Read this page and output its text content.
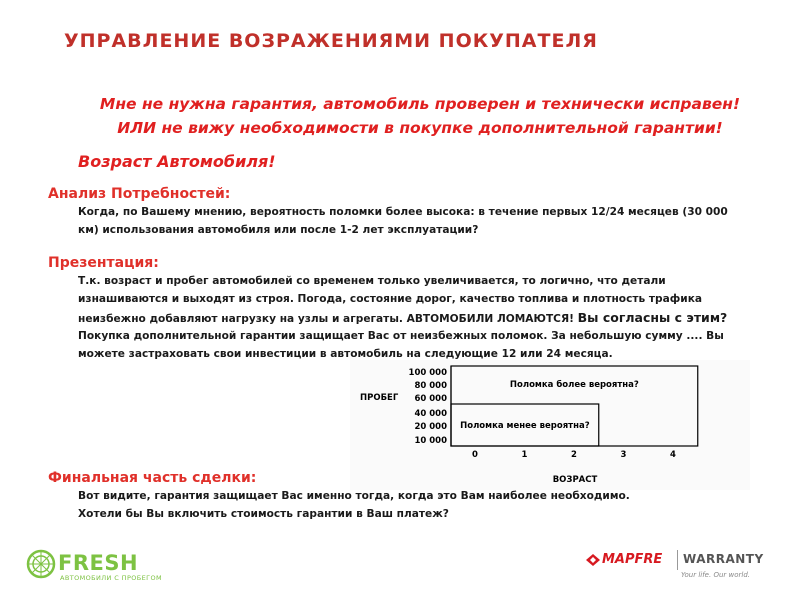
УПРАВЛЕНИЕ ВОЗРАЖЕНИЯМИ ПОКУПАТЕЛЯ
Мне не нужна гарантия, автомобиль проверен и технически исправен!
ИЛИ не вижу необходимости в покупке дополнительной гарантии!
Возраст Автомобиля!
Анализ Потребностей:
Когда, по Вашему мнению, вероятность поломки более высока: в течение первых 12/24 месяцев (30 000
км) использования автомобиля или после 1-2 лет эксплуатации?
Презентация:
Т.к. возраст и пробег автомобилей со временем только увеличивается, то логично, что детали
изнашиваются и выходят из строя. Погода, состояние дорог, качество топлива и плотность трафика
неизбежно добавляют нагрузку на узлы и агрегаты. АВТОМОБИЛИ ЛОМАЮТСЯ! Вы согласны с этим?
Покупка дополнительной гарантии защищает Вас от неизбежных поломок. За небольшую сумму .... Вы
можете застраховать свои инвестиции в автомобиль на следующие 12 или 24 месяца.
ПРОБЕГ
100 000
80 000
60 000
40 000
20 000
10 000
0	1	2	3	4
Поломка более вероятна?
Поломка менее вероятна?
ВОЗРАСТ
Финальная часть сделки:
Вот видите, гарантия защищает Вас именно тогда, когда это Вам наиболее необходимо.
Хотели бы Вы включить стоимость гарантии в Ваш платеж?
FRESH
АВТОМОБИЛИ С ПРОБЕГОМ
MAPFRE WARRANTY
Your life. Our world.
